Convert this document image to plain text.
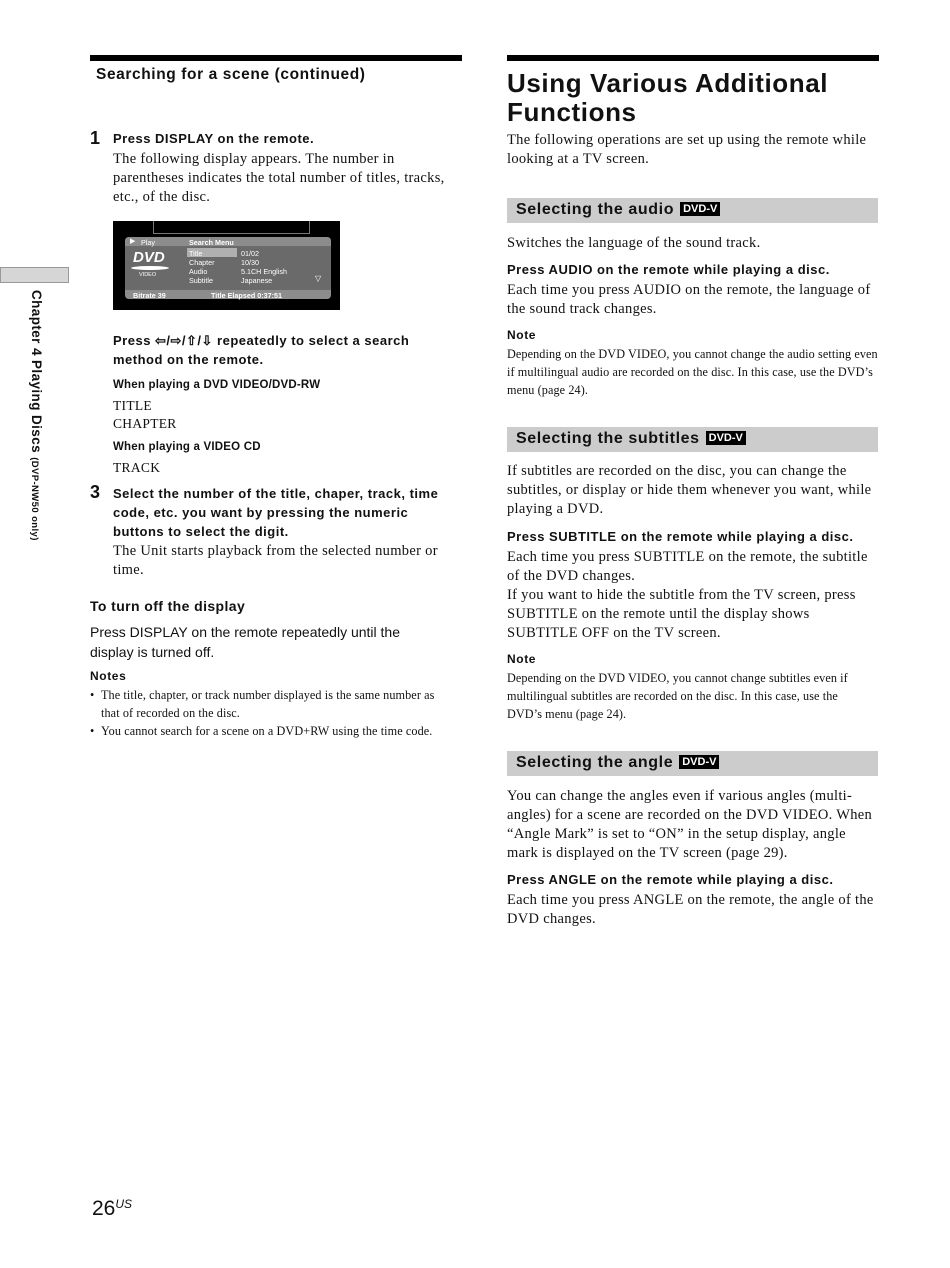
Chapter 4 Playing Discs (DVP-NW50 only)
Searching for a scene (continued)
1 Press DISPLAY on the remote.
The following display appears. The number in parentheses indicates the total number of titles, tracks, etc., of the disc.
▶ Play	Search Menu
DVD
VIDEO
Title	01/02
Chapter	10/30
Audio	5.1CH English
Subtitle	Japanese	▽
Bitrate 39	Title Elapsed 0:37:51
Press ⇦/⇨/⇧/⇩ repeatedly to select a search method on the remote.
When playing a DVD VIDEO/DVD-RW
TITLE
CHAPTER
When playing a VIDEO CD
TRACK
3 Select the number of the title, chaper, track, time code, etc. you want by pressing the numeric buttons to select the digit.
The Unit starts playback from the selected number or time.
To turn off the display
Press DISPLAY on the remote repeatedly until the display is turned off.
Notes
• The title, chapter, or track number displayed is the same number as that of recorded on the disc.
• You cannot search for a scene on a DVD+RW using the time code.
$26^{US}$
Using Various Additional Functions
The following operations are set up using the remote while looking at a TV screen.
Selecting the audio DVD-V
Switches the language of the sound track.
Press AUDIO on the remote while playing a disc.
Each time you press AUDIO on the remote, the language of the sound track changes.
Note
Depending on the DVD VIDEO, you cannot change the audio setting even if multilingual audio are recorded on the disc. In this case, use the DVD’s menu (page 24).
Selecting the subtitles DVD-V
If subtitles are recorded on the disc, you can change the subtitles, or display or hide them whenever you want, while playing a DVD.
Press SUBTITLE on the remote while playing a disc.
Each time you press SUBTITLE on the remote, the subtitle of the DVD changes.
If you want to hide the subtitle from the TV screen, press SUBTITLE on the remote until the display shows SUBTITLE OFF on the TV screen.
Note
Depending on the DVD VIDEO, you cannot change subtitles even if multilingual subtitles are recorded on the disc. In this case, use the DVD’s menu (page 24).
Selecting the angle DVD-V
You can change the angles even if various angles (multi-angles) for a scene are recorded on the DVD VIDEO. When “Angle Mark” is set to “ON” in the setup display, angle mark is displayed on the TV screen (page 29).
Press ANGLE on the remote while playing a disc.
Each time you press ANGLE on the remote, the angle of the DVD changes.
